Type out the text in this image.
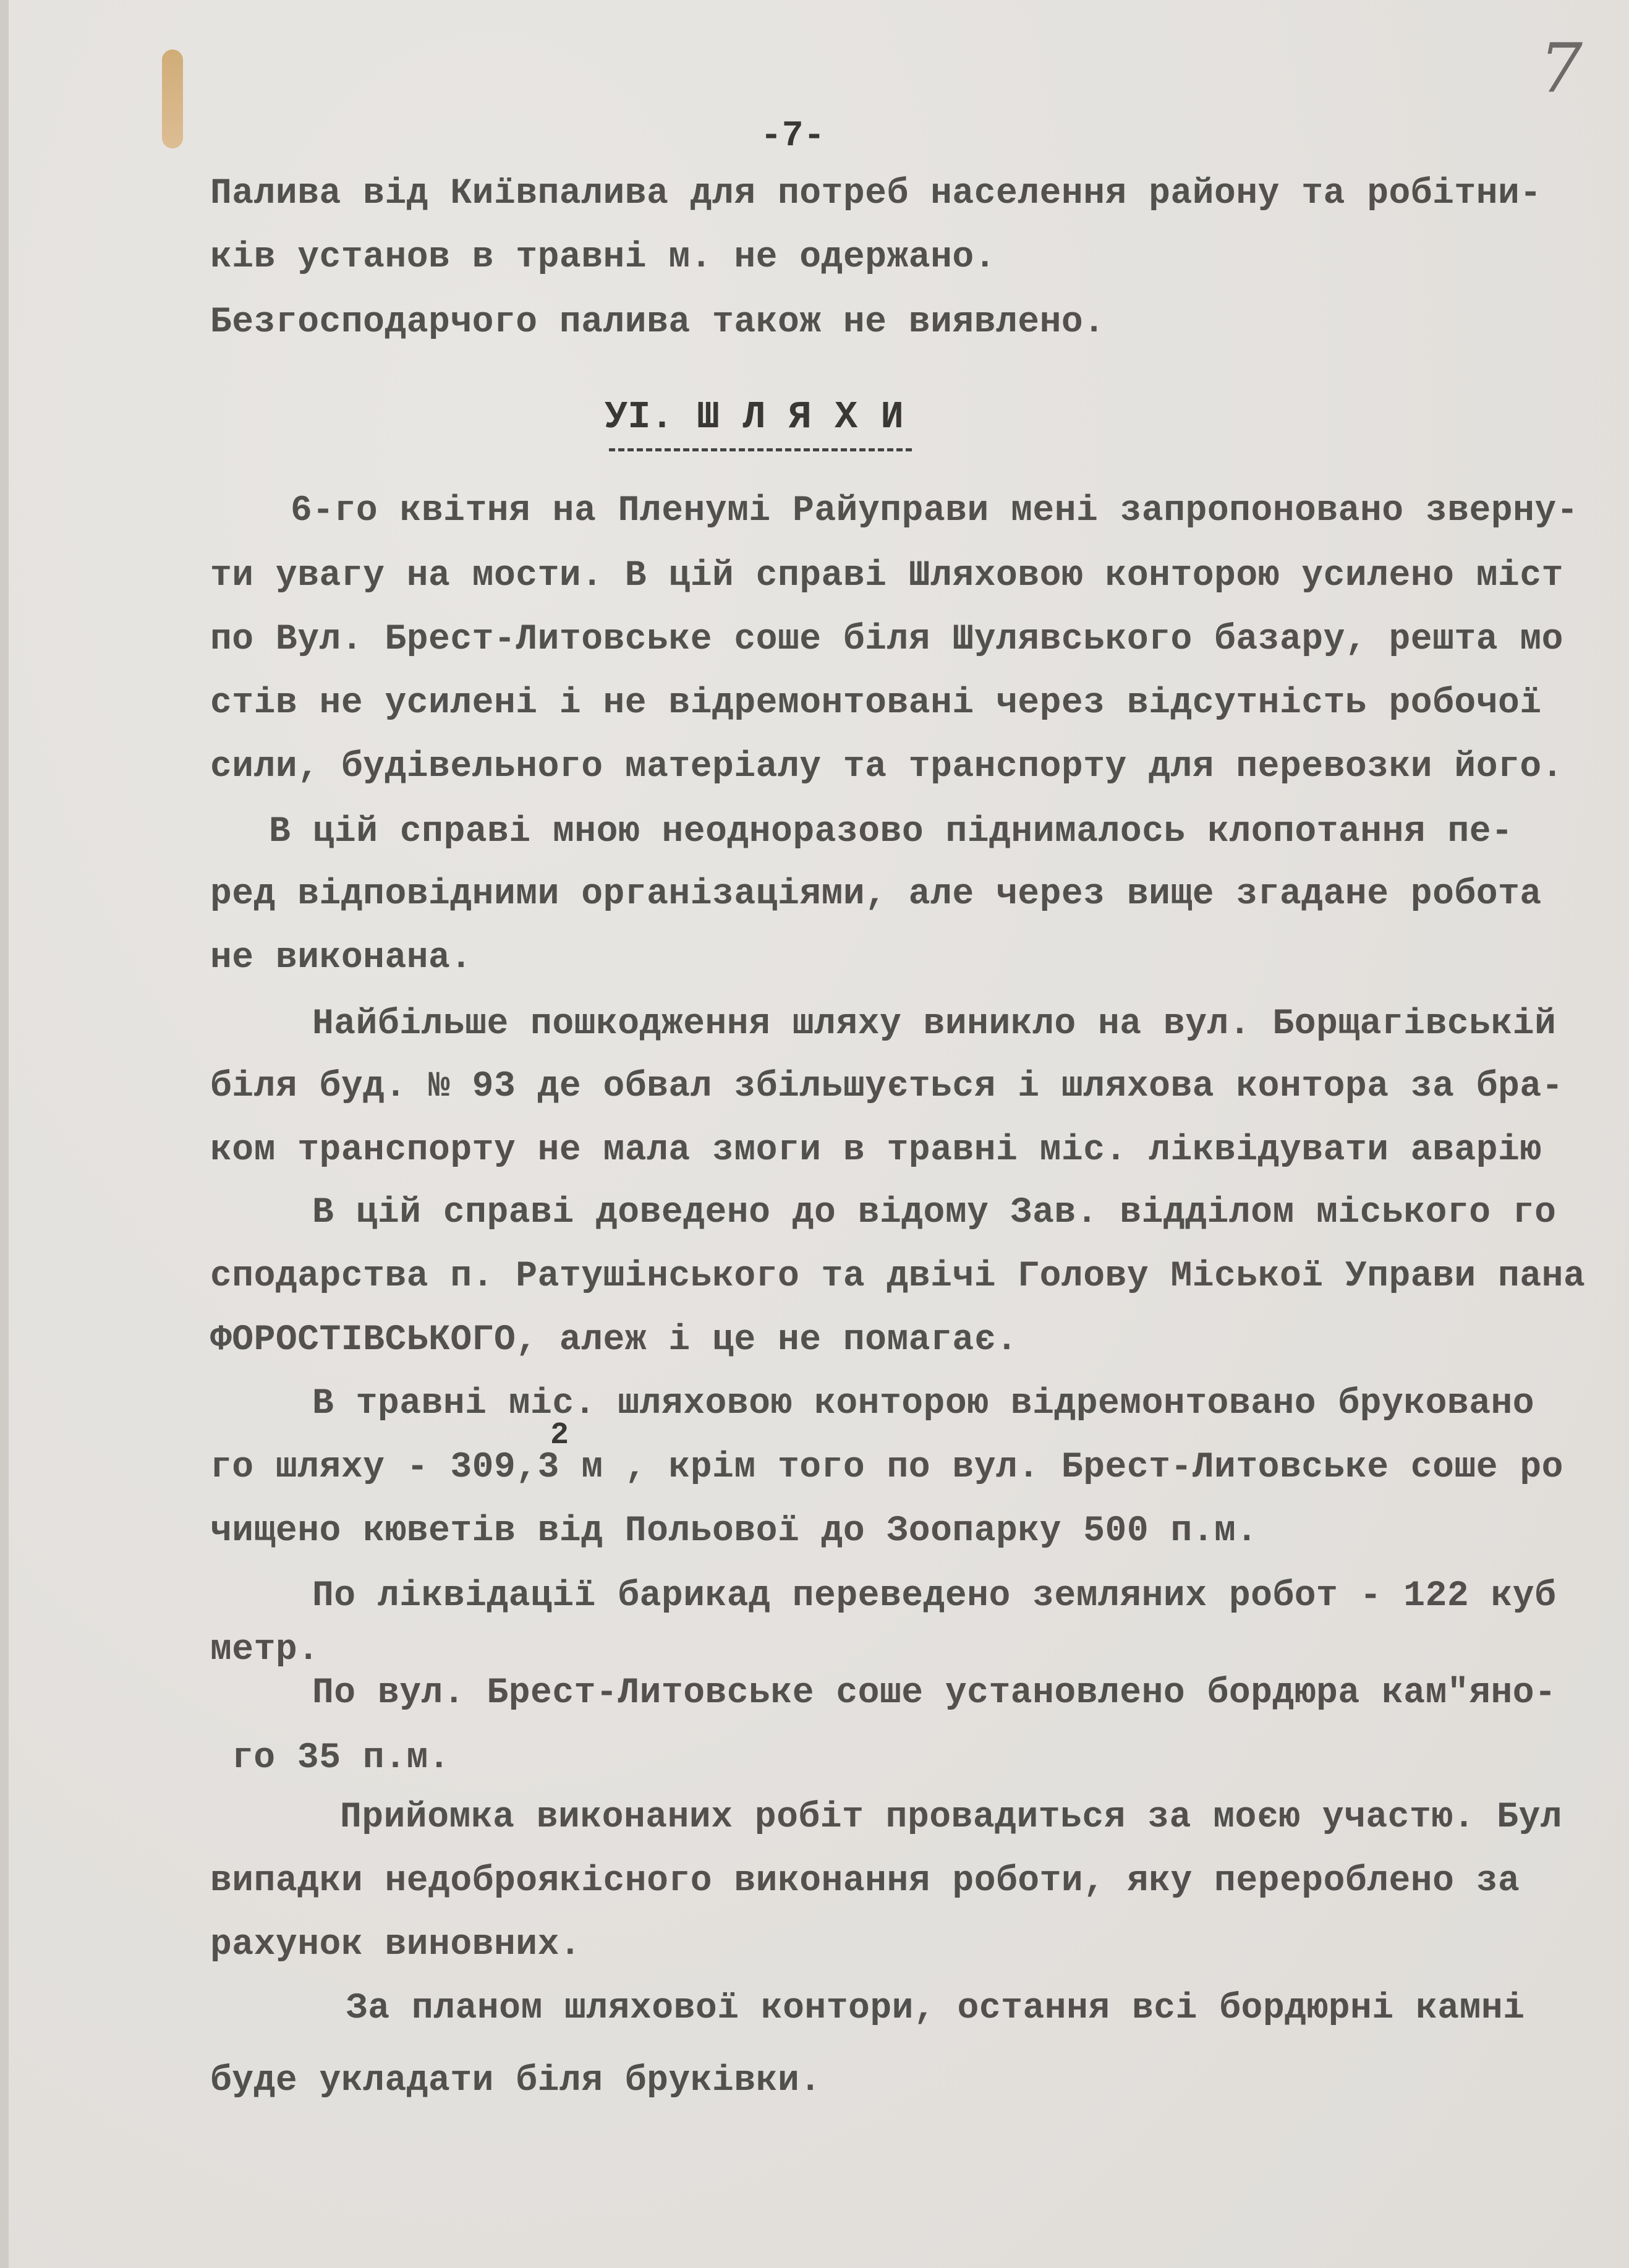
7
-7-
УІ. Ш Л Я Х И
2
Палива від Київпалива для потреб населення району та робітни-
ків установ в травні м. не одержано.
Безгосподарчого палива також не виявлено.
6-го квітня на Пленумі Райуправи мені запропоновано зверну-
ти увагу на мости. В цій справі Шляховою конторою усилено міст
по Вул. Брест-Литовське соше біля Шулявського базару, решта мо
стів не усилені і не відремонтовані через відсутність робочої
сили, будівельного матеріалу та транспорту для перевозки його.
В цій справі мною неодноразово піднималось клопотання пе-
ред відповідними організаціями, але через вище згадане робота
не виконана.
Найбільше пошкодження шляху виникло на вул. Борщагівській
біля буд. № 93 де обвал збільшується і шляхова контора за бра-
ком транспорту не мала змоги в травні міс. ліквідувати аварію
В цій справі доведено до відому Зав. відділом міського го
сподарства п. Ратушінського та двічі Голову Міської Управи пана
ФОРОСТІВСЬКОГО, алеж і це не помагає.
В травні міс. шляховою конторою відремонтовано бруковано
го шляху - 309,3 м , крім того по вул. Брест-Литовське соше ро
чищено кюветів від Польової до Зоопарку 500 п.м.
По ліквідації барикад переведено земляних робот - 122 куб
метр.
По вул. Брест-Литовське соше установлено бордюра кам"яно-
го 35 п.м.
Прийомка виконаних робіт провадиться за моєю участю. Бул
випадки недоброякісного виконання роботи, яку перероблено за
рахунок виновних.
За планом шляхової контори, остання всі бордюрні камні
буде укладати біля бруківки.
